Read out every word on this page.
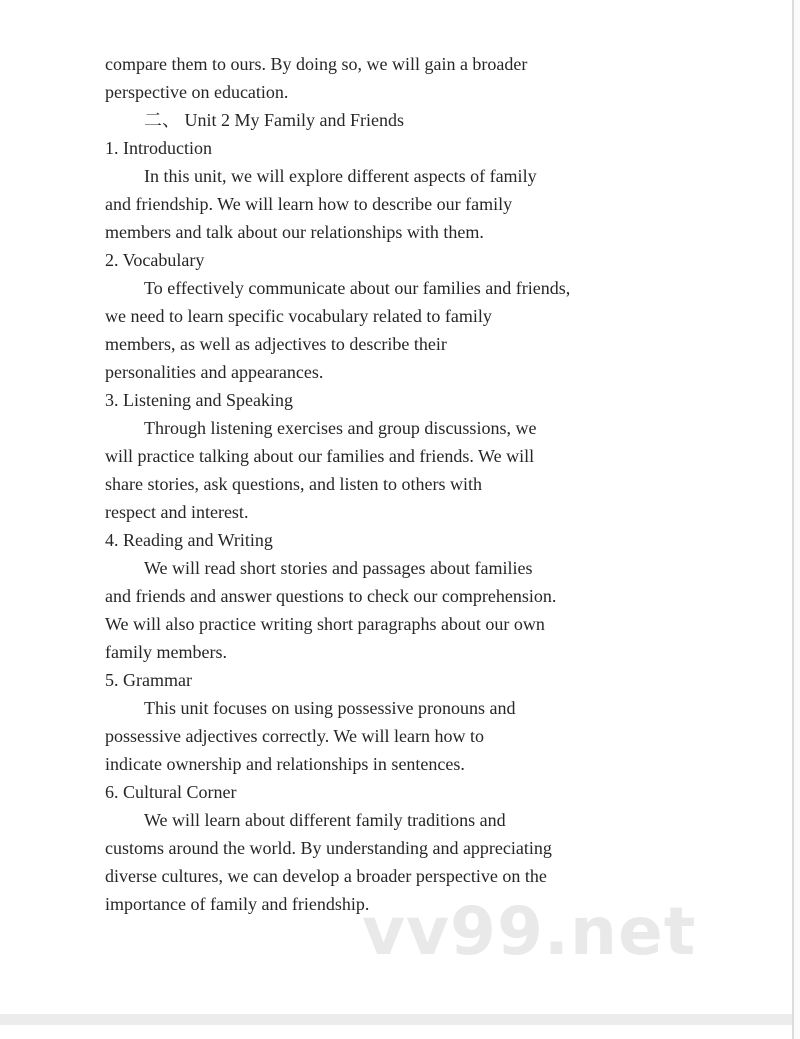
compare them to ours. By doing so, we will gain a broader
perspective on education.
二、 Unit 2 My Family and Friends
1. Introduction
In this unit, we will explore different aspects of family
and friendship. We will learn how to describe our family
members and talk about our relationships with them.
2. Vocabulary
To effectively communicate about our families and friends,
we need to learn specific vocabulary related to family
members, as well as adjectives to describe their
personalities and appearances.
3. Listening and Speaking
Through listening exercises and group discussions, we
will practice talking about our families and friends. We will
share stories, ask questions, and listen to others with
respect and interest.
4. Reading and Writing
We will read short stories and passages about families
and friends and answer questions to check our comprehension.
We will also practice writing short paragraphs about our own
family members.
5. Grammar
This unit focuses on using possessive pronouns and
possessive adjectives correctly. We will learn how to
indicate ownership and relationships in sentences.
6. Cultural Corner
We will learn about different family traditions and
customs around the world. By understanding and appreciating
diverse cultures, we can develop a broader perspective on the
importance of family and friendship.
vv99.net
